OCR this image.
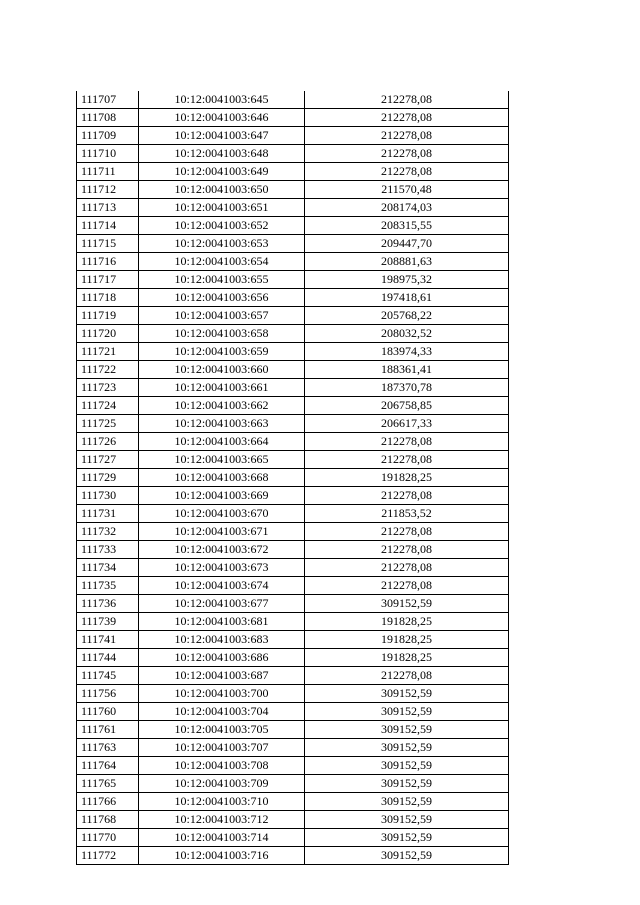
111707	10:12:0041003:645	212278,08
111708	10:12:0041003:646	212278,08
111709	10:12:0041003:647	212278,08
111710	10:12:0041003:648	212278,08
111711	10:12:0041003:649	212278,08
111712	10:12:0041003:650	211570,48
111713	10:12:0041003:651	208174,03
111714	10:12:0041003:652	208315,55
111715	10:12:0041003:653	209447,70
111716	10:12:0041003:654	208881,63
111717	10:12:0041003:655	198975,32
111718	10:12:0041003:656	197418,61
111719	10:12:0041003:657	205768,22
111720	10:12:0041003:658	208032,52
111721	10:12:0041003:659	183974,33
111722	10:12:0041003:660	188361,41
111723	10:12:0041003:661	187370,78
111724	10:12:0041003:662	206758,85
111725	10:12:0041003:663	206617,33
111726	10:12:0041003:664	212278,08
111727	10:12:0041003:665	212278,08
111729	10:12:0041003:668	191828,25
111730	10:12:0041003:669	212278,08
111731	10:12:0041003:670	211853,52
111732	10:12:0041003:671	212278,08
111733	10:12:0041003:672	212278,08
111734	10:12:0041003:673	212278,08
111735	10:12:0041003:674	212278,08
111736	10:12:0041003:677	309152,59
111739	10:12:0041003:681	191828,25
111741	10:12:0041003:683	191828,25
111744	10:12:0041003:686	191828,25
111745	10:12:0041003:687	212278,08
111756	10:12:0041003:700	309152,59
111760	10:12:0041003:704	309152,59
111761	10:12:0041003:705	309152,59
111763	10:12:0041003:707	309152,59
111764	10:12:0041003:708	309152,59
111765	10:12:0041003:709	309152,59
111766	10:12:0041003:710	309152,59
111768	10:12:0041003:712	309152,59
111770	10:12:0041003:714	309152,59
111772	10:12:0041003:716	309152,59
